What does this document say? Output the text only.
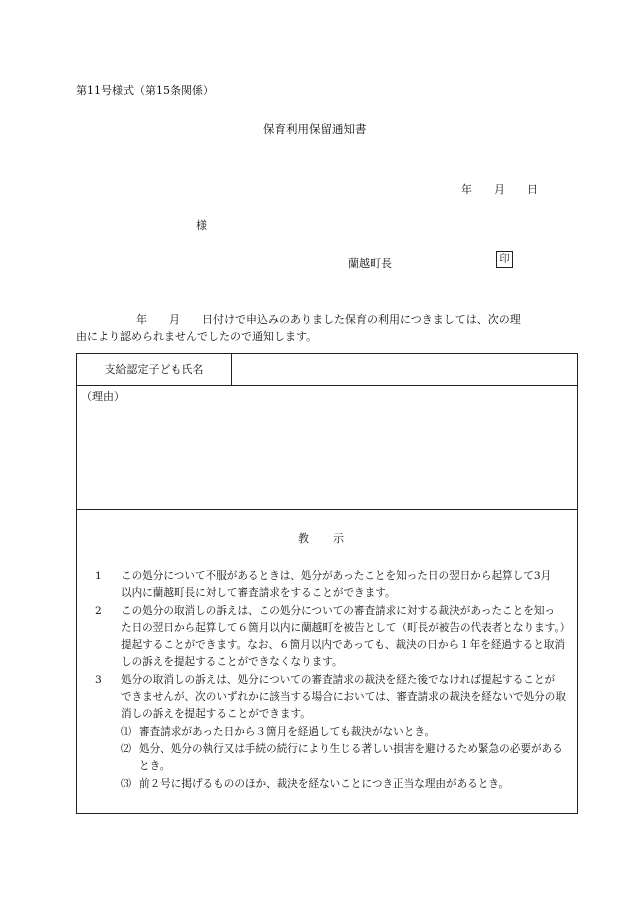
第11号様式（第15条関係）
保育利用保留通知書
年 月 日
様
蘭越町長	印
年　　月　　日付けで申込みのありました保育の利用につきましては、次の理
由により認められませんでしたので通知します。
支給認定子ども氏名
（理由）
教示
1 この処分について不服があるときは、処分があったことを知った日の翌日から起算して3月
以内に蘭越町長に対して審査請求をすることができます。
2 この処分の取消しの訴えは、この処分についての審査請求に対する裁決があったことを知っ
た日の翌日から起算して６箇月以内に蘭越町を被告として（町長が被告の代表者となります。）
提起することができます。なお、６箇月以内であっても、裁決の日から１年を経過すると取消
しの訴えを提起することができなくなります。
3 処分の取消しの訴えは、処分についての審査請求の裁決を経た後でなければ提起することが
できませんが、次のいずれかに該当する場合においては、審査請求の裁決を経ないで処分の取
消しの訴えを提起することができます。
⑴ 審査請求があった日から３箇月を経過しても裁決がないとき。
⑵ 処分、処分の執行又は手続の続行により生じる著しい損害を避けるため緊急の必要がある
とき。
⑶ 前２号に掲げるもののほか、裁決を経ないことにつき正当な理由があるとき。
